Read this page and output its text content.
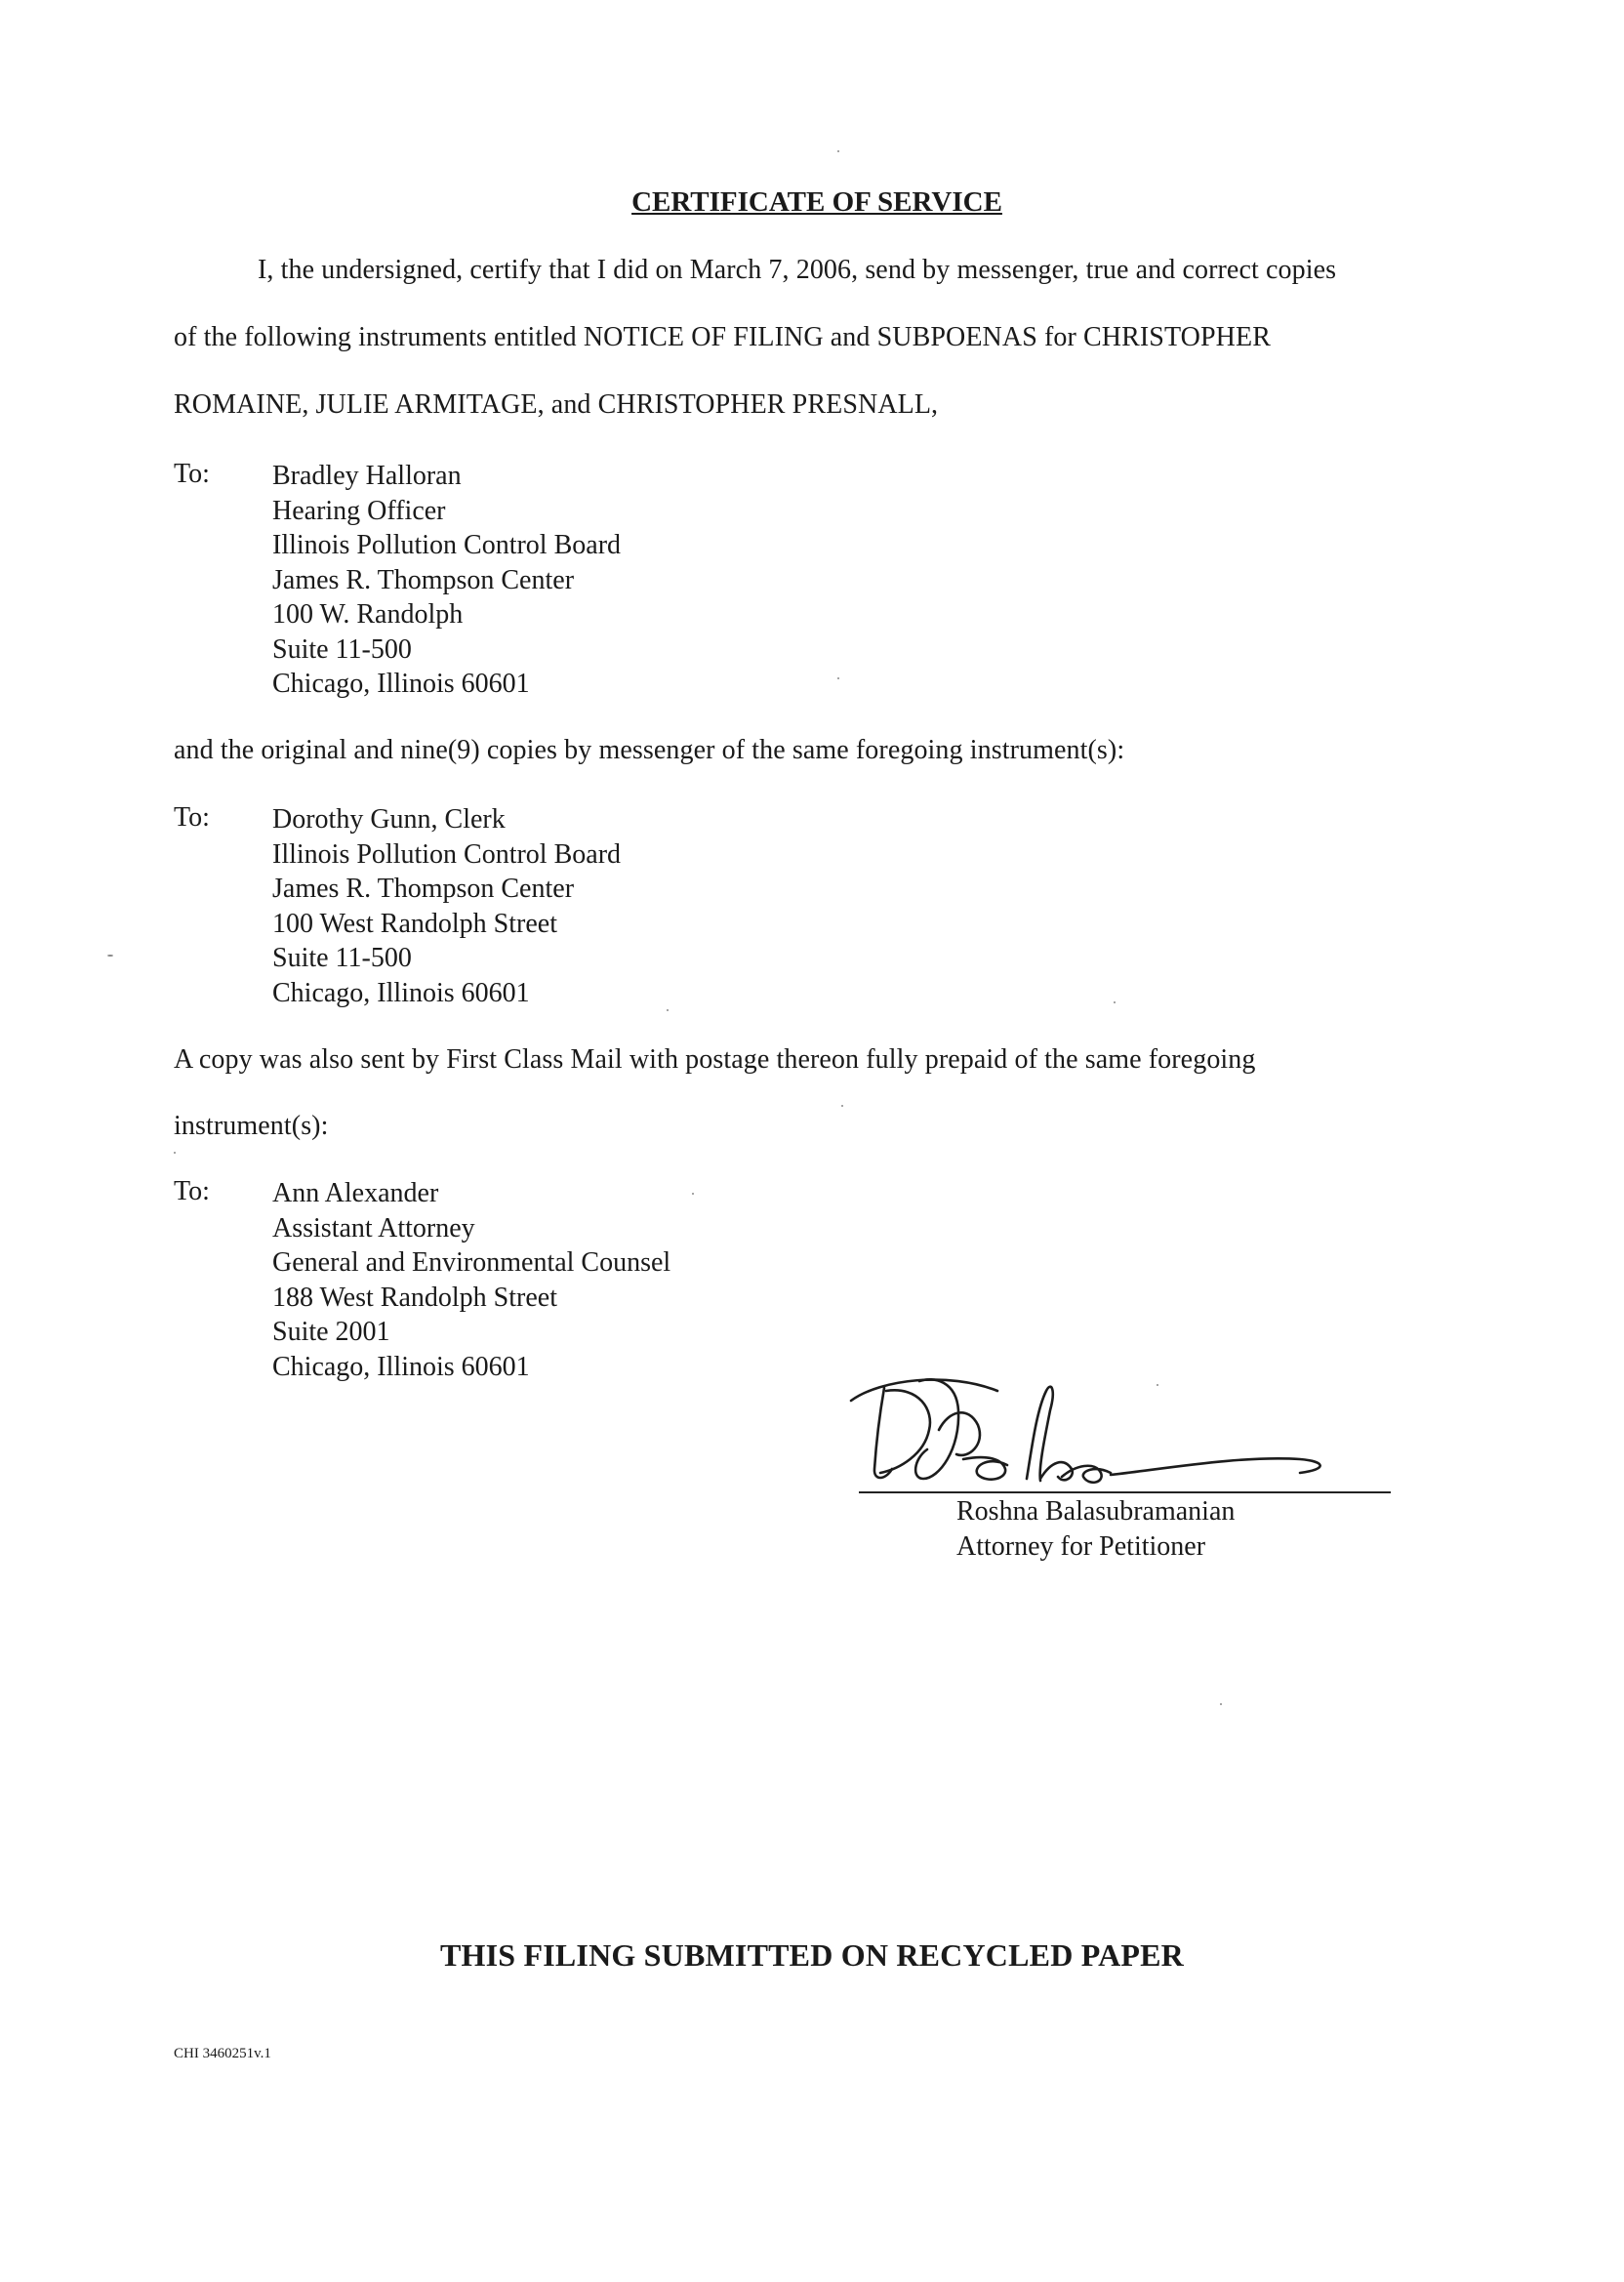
CERTIFICATE OF SERVICE
I, the undersigned, certify that I did on March 7, 2006, send by messenger, true and correct copies
of the following instruments entitled NOTICE OF FILING and SUBPOENAS for CHRISTOPHER
ROMAINE, JULIE ARMITAGE, and CHRISTOPHER PRESNALL,
To: Bradley Halloran
Hearing Officer
Illinois Pollution Control Board
James R. Thompson Center
100 W. Randolph
Suite 11-500
Chicago, Illinois 60601
and the original and nine(9) copies by messenger of the same foregoing instrument(s):
To: Dorothy Gunn, Clerk
Illinois Pollution Control Board
James R. Thompson Center
100 West Randolph Street
Suite 11-500
Chicago, Illinois 60601
A copy was also sent by First Class Mail with postage thereon fully prepaid of the same foregoing
instrument(s):
To: Ann Alexander
Assistant Attorney
General and Environmental Counsel
188 West Randolph Street
Suite 2001
Chicago, Illinois 60601
Roshna Balasubramanian
Attorney for Petitioner
THIS FILING SUBMITTED ON RECYCLED PAPER
CHI 3460251v.1
